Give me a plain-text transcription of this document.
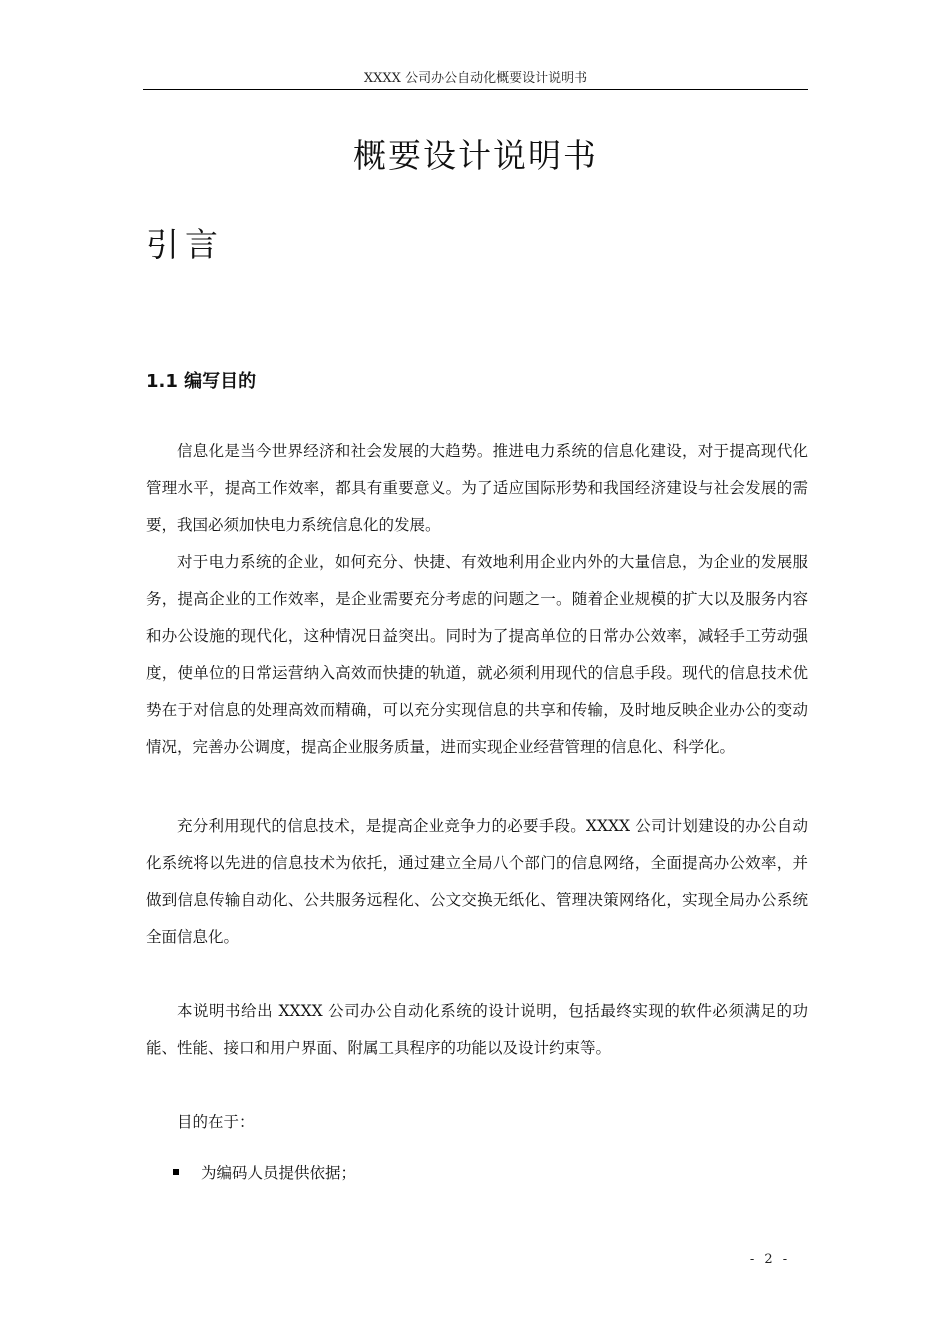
XXXX 公司办公自动化概要设计说明书
概要设计说明书
引言
1.1 编写目的

信息化是当今世界经济和社会发展的大趋势。推进电力系统的信息化建设，对于提高现代化管理水平，提高工作效率，都具有重要意义。为了适应国际形势和我国经济建设与社会发展的需要，我国必须加快电力系统信息化的发展。

对于电力系统的企业，如何充分、快捷、有效地利用企业内外的大量信息，为企业的发展服务，提高企业的工作效率，是企业需要充分考虑的问题之一。随着企业规模的扩大以及服务内容和办公设施的现代化，这种情况日益突出。同时为了提高单位的日常办公效率，减轻手工劳动强度，使单位的日常运营纳入高效而快捷的轨道，就必须利用现代的信息手段。现代的信息技术优势在于对信息的处理高效而精确，可以充分实现信息的共享和传输，及时地反映企业办公的变动情况，完善办公调度，提高企业服务质量，进而实现企业经营管理的信息化、科学化。

充分利用现代的信息技术，是提高企业竞争力的必要手段。XXXX 公司计划建设的办公自动化系统将以先进的信息技术为依托，通过建立全局八个部门的信息网络，全面提高办公效率，并做到信息传输自动化、公共服务远程化、公文交换无纸化、管理决策网络化，实现全局办公系统全面信息化。

本说明书给出 XXXX 公司办公自动化系统的设计说明，包括最终实现的软件必须满足的功能、性能、接口和用户界面、附属工具程序的功能以及设计约束等。

目的在于：

为编码人员提供依据；
- 2 -
